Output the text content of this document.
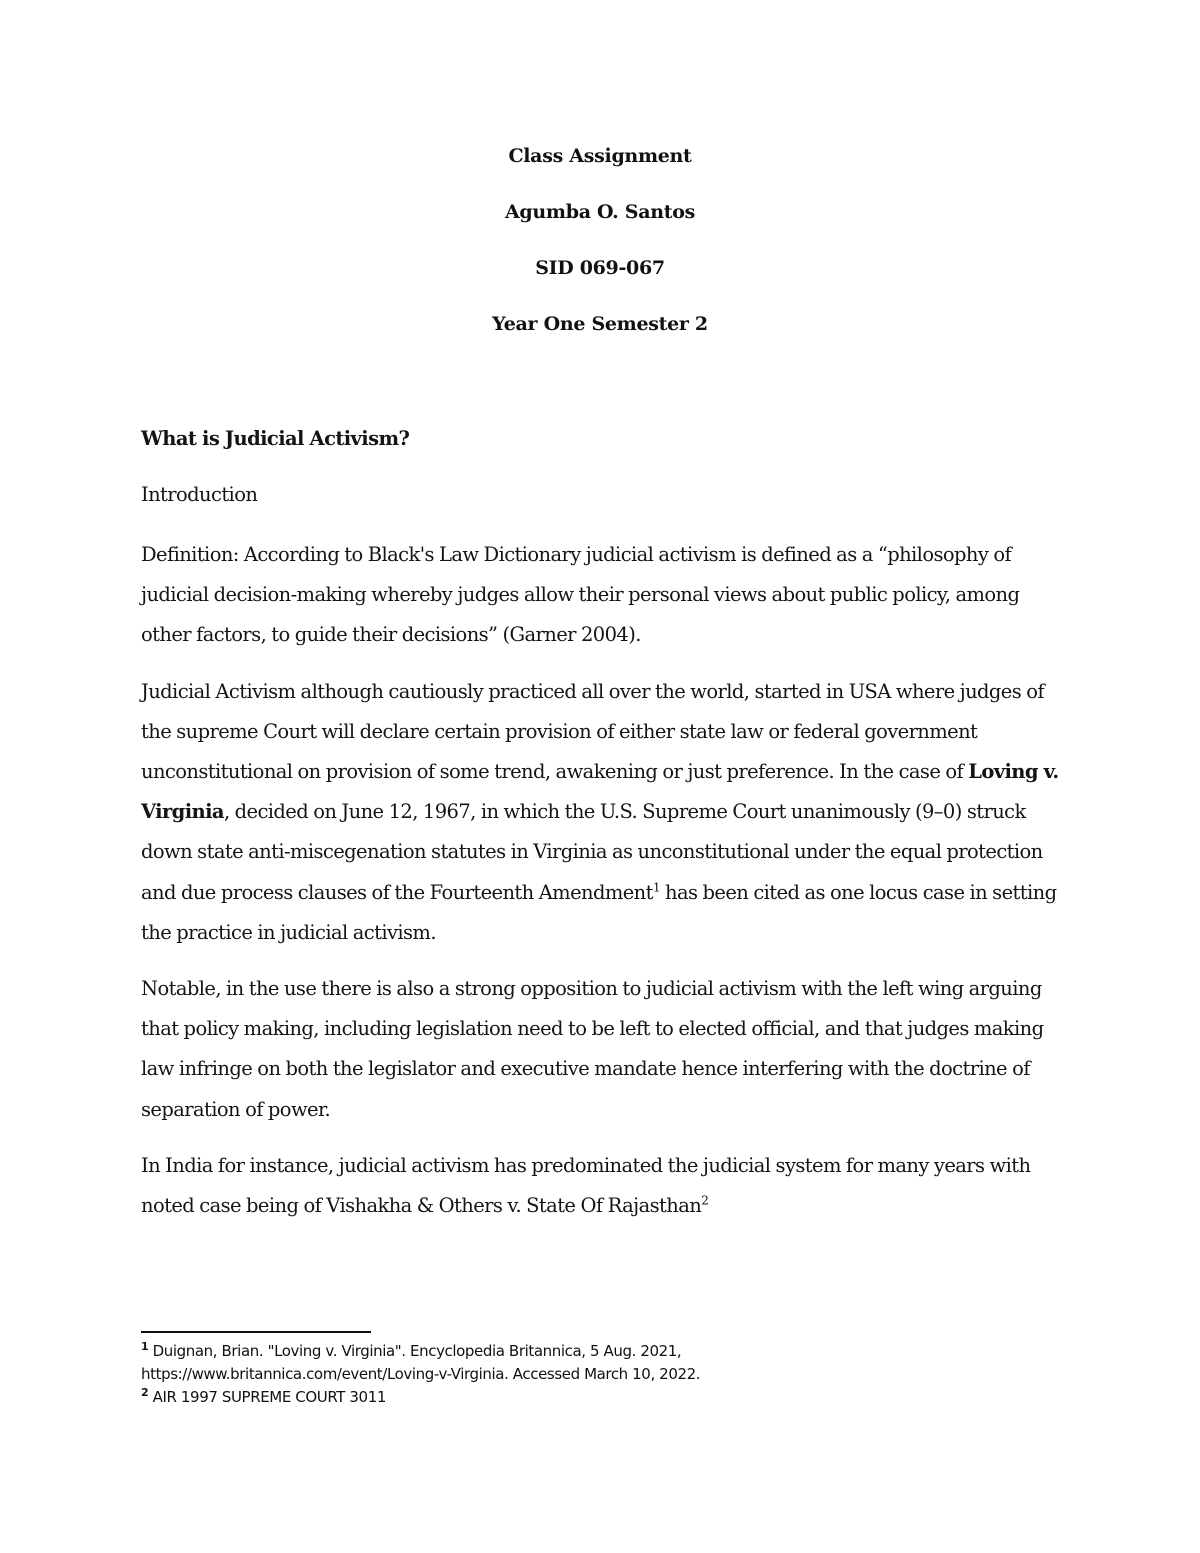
Class Assignment
Agumba O. Santos
SID 069-067
Year One Semester 2
What is Judicial Activism?
Introduction

Definition: According to Black's Law Dictionary judicial activism is defined as a “philosophy of judicial decision-making whereby judges allow their personal views about public policy, among other factors, to guide their decisions” (Garner 2004).

Judicial Activism although cautiously practiced all over the world, started in USA where judges of the supreme Court will declare certain provision of either state law or federal government unconstitutional on provision of some trend, awakening or just preference. In the case of Loving v. Virginia, decided on June 12, 1967, in which the U.S. Supreme Court unanimously (9–0) struck down state anti-miscegenation statutes in Virginia as unconstitutional under the equal protection and due process clauses of the Fourteenth Amendment$^1$ has been cited as one locus case in setting the practice in judicial activism.

Notable, in the use there is also a strong opposition to judicial activism with the left wing arguing that policy making, including legislation need to be left to elected official, and that judges making law infringe on both the legislator and executive mandate hence interfering with the doctrine of separation of power.

In India for instance, judicial activism has predominated the judicial system for many years with noted case being of Vishakha & Others v. State Of Rajasthan$^2$

$^1$ Duignan, Brian. "Loving v. Virginia". Encyclopedia Britannica, 5 Aug. 2021,
https://www.britannica.com/event/Loving-v-Virginia. Accessed March 10, 2022.
$^2$ AIR 1997 SUPREME COURT 3011
